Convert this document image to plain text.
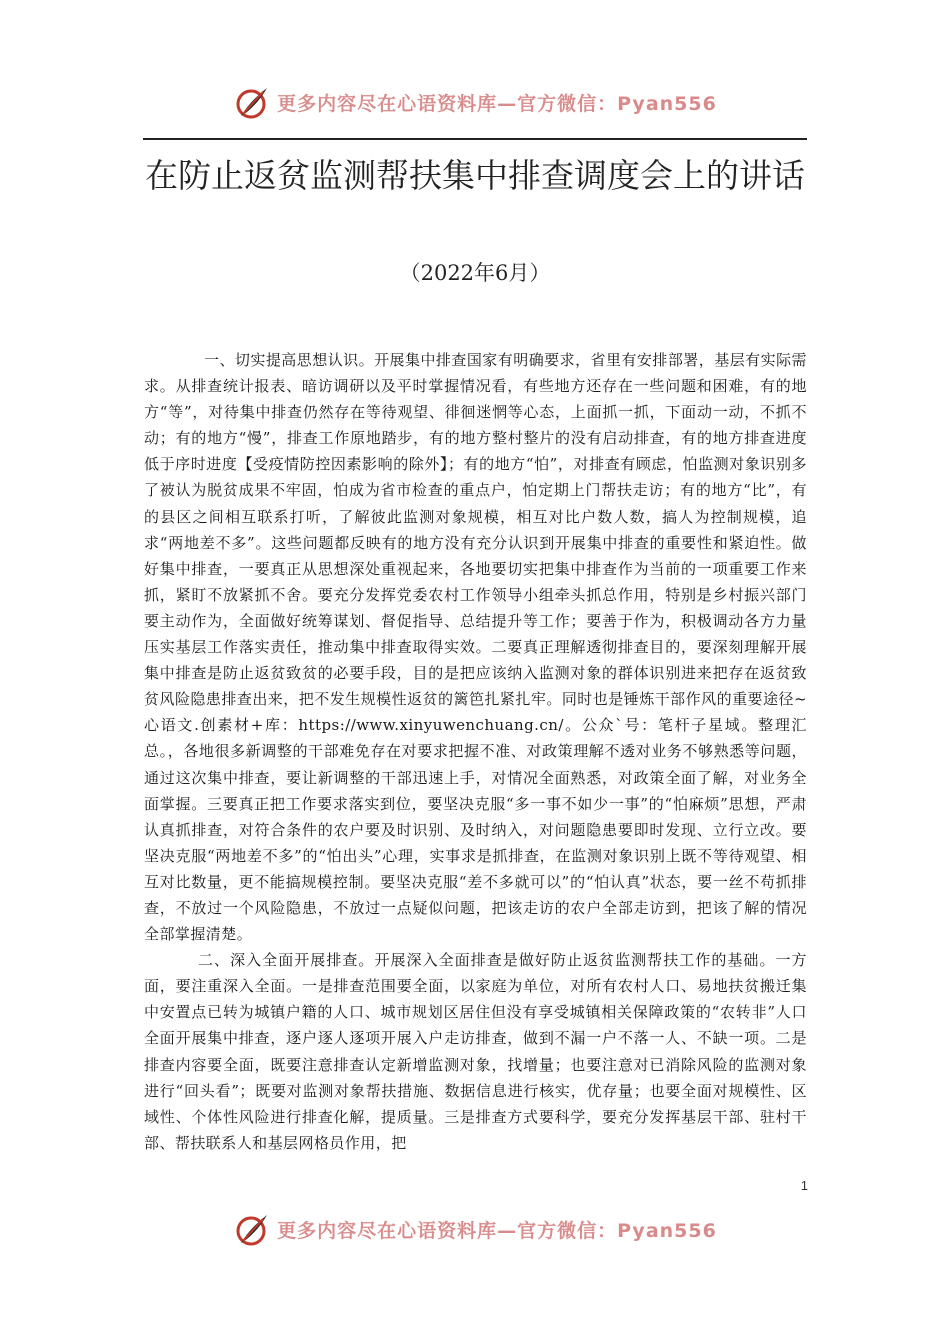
更多内容尽在心语资料库—官方微信：Pyan556
在防止返贫监测帮扶集中排查调度会上的讲话
（2022年6月）

一、切实提高思想认识。开展集中排查国家有明确要求，省里有安排部署，基层有实际需求。从排查统计报表、暗访调研以及平时掌握情况看，有些地方还存在一些问题和困难，有的地方“等”，对待集中排查仍然存在等待观望、徘徊迷惘等心态，上面抓一抓，下面动一动，不抓不动；有的地方“慢”，排查工作原地踏步，有的地方整村整片的没有启动排查，有的地方排查进度低于序时进度【受疫情防控因素影响的除外】；有的地方“怕”，对排查有顾虑，怕监测对象识别多了被认为脱贫成果不牢固，怕成为省市检查的重点户，怕定期上门帮扶走访；有的地方“比”，有的县区之间相互联系打听，了解彼此监测对象规模，相互对比户数人数，搞人为控制规模，追求“两地差不多”。这些问题都反映有的地方没有充分认识到开展集中排查的重要性和紧迫性。做好集中排查，一要真正从思想深处重视起来，各地要切实把集中排查作为当前的一项重要工作来抓，紧盯不放紧抓不舍。要充分发挥党委农村工作领导小组牵头抓总作用，特别是乡村振兴部门要主动作为，全面做好统筹谋划、督促指导、总结提升等工作；要善于作为，积极调动各方力量压实基层工作落实责任，推动集中排查取得实效。二要真正理解透彻排查目的，要深刻理解开展集中排查是防止返贫致贫的必要手段，目的是把应该纳入监测对象的群体识别进来把存在返贫致贫风险隐患排查出来，把不发生规模性返贫的篱笆扎紧扎牢。同时也是锤炼干部作风的重要途径~心语文.创素材+库：https://www.xinyuwenchuang.cn/。公众`号：笔杆子星域。整理汇总。，各地很多新调整的干部难免存在对要求把握不准、对政策理解不透对业务不够熟悉等问题，通过这次集中排查，要让新调整的干部迅速上手，对情况全面熟悉，对政策全面了解，对业务全面掌握。三要真正把工作要求落实到位，要坚决克服“多一事不如少一事”的“怕麻烦”思想，严肃认真抓排查，对符合条件的农户要及时识别、及时纳入，对问题隐患要即时发现、立行立改。要坚决克服“两地差不多”的“怕出头”心理，实事求是抓排查，在监测对象识别上既不等待观望、相互对比数量，更不能搞规模控制。要坚决克服“差不多就可以”的“怕认真”状态，要一丝不苟抓排查，不放过一个风险隐患，不放过一点疑似问题，把该走访的农户全部走访到，把该了解的情况全部掌握清楚。

二、深入全面开展排查。开展深入全面排查是做好防止返贫监测帮扶工作的基础。一方面，要注重深入全面。一是排查范围要全面，以家庭为单位，对所有农村人口、易地扶贫搬迁集中安置点已转为城镇户籍的人口、城市规划区居住但没有享受城镇相关保障政策的“农转非”人口全面开展集中排查，逐户逐人逐项开展入户走访排查，做到不漏一户不落一人、不缺一项。二是排查内容要全面，既要注意排查认定新增监测对象，找增量；也要注意对已消除风险的监测对象进行“回头看”；既要对监测对象帮扶措施、数据信息进行核实，优存量；也要全面对规模性、区域性、个体性风险进行排查化解，提质量。三是排查方式要科学，要充分发挥基层干部、驻村干部、帮扶联系人和基层网格员作用，把

1
更多内容尽在心语资料库—官方微信：Pyan556
